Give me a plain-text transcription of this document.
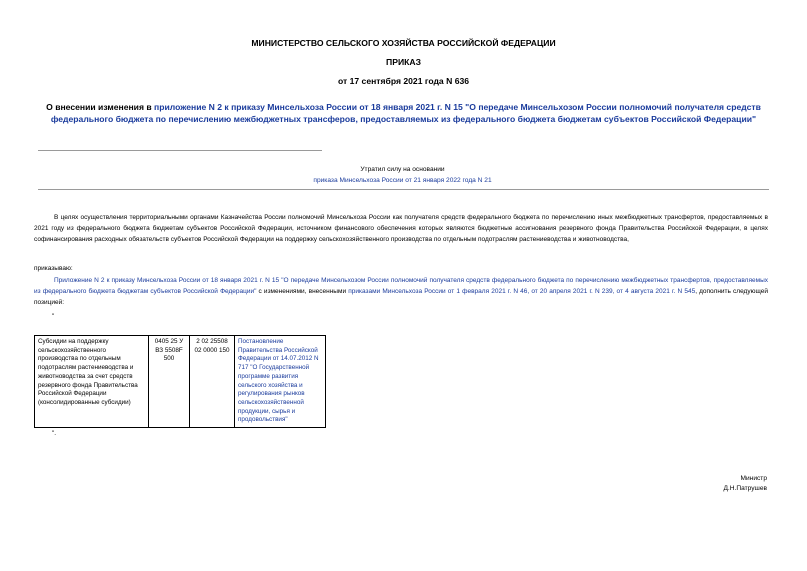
МИНИСТЕРСТВО СЕЛЬСКОГО ХОЗЯЙСТВА РОССИЙСКОЙ ФЕДЕРАЦИИ
ПРИКАЗ
от 17 сентября 2021 года N 636
О внесении изменения в приложение N 2 к приказу Минсельхоза России от 18 января 2021 г. N 15 "О передаче Минсельхозом России полномочий получателя средств федерального бюджета по перечислению межбюджетных трансферов, предоставляемых из федерального бюджета бюджетам субъектов Российской Федерации"
Утратил силу на основании
приказа Минсельхоза России от 21 января 2022 года N 21
В целях осуществления территориальными органами Казначейства России полномочий Минсельхоза России как получателя средств федерального бюджета по перечислению иных межбюджетных трансфертов, предоставляемых в 2021 году из федерального бюджета бюджетам субъектов Российской Федерации, источником финансового обеспечения которых являются бюджетные ассигнования резервного фонда Правительства Российской Федерации, в целях софинансирования расходных обязательств субъектов Российской Федерации на поддержку сельскохозяйственного производства по отдельным подотраслям растениеводства и животноводства,
приказываю:
Приложение N 2 к приказу Минсельхоза России от 18 января 2021 г. N 15 "О передаче Минсельхозом России полномочий получателя средств федерального бюджета по перечислению межбюджетных трансфертов, предоставляемых из федерального бюджета бюджетам субъектов Российской Федерации" с изменениями, внесенными приказами Минсельхоза России от 1 февраля 2021 г. N 46, от 20 апреля 2021 г. N 239, от 4 августа 2021 г. N 545, дополнить следующей позицией:
"
Субсидии на поддержку сельскохозяйственного производства по отдельным подотраслям растениеводства и животноводства за счет средств резервного фонда Правительства Российской Федерации (консолидированные субсидии)	0405 25 У ВЗ 5508F 500	2 02 25508 02 0000 150	Постановление Правительства Российской Федерации от 14.07.2012 N 717 "О Государственной программе развития сельского хозяйства и регулирования рынков сельскохозяйственной продукции, сырья и продовольствия"
".
Министр
Д.Н.Патрушев
